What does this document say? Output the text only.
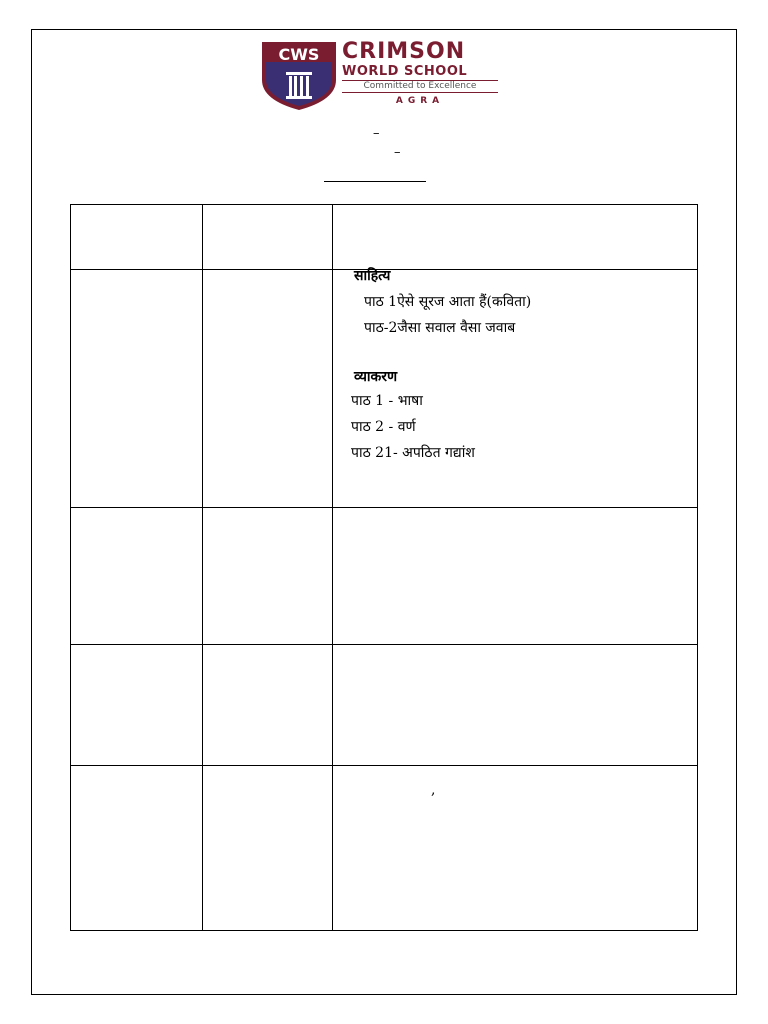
CWS	CRIMSON
WORLD SCHOOL
Committed to Excellence
AGRA
–
–
साहित्य
पाठ 1ऐसे सूरज आता हैं(कविता)
पाठ-2जैसा सवाल वैसा जवाब
व्याकरण
पाठ 1 - भाषा
पाठ 2 - वर्ण
पाठ 21- अपठित गद्यांश
,
